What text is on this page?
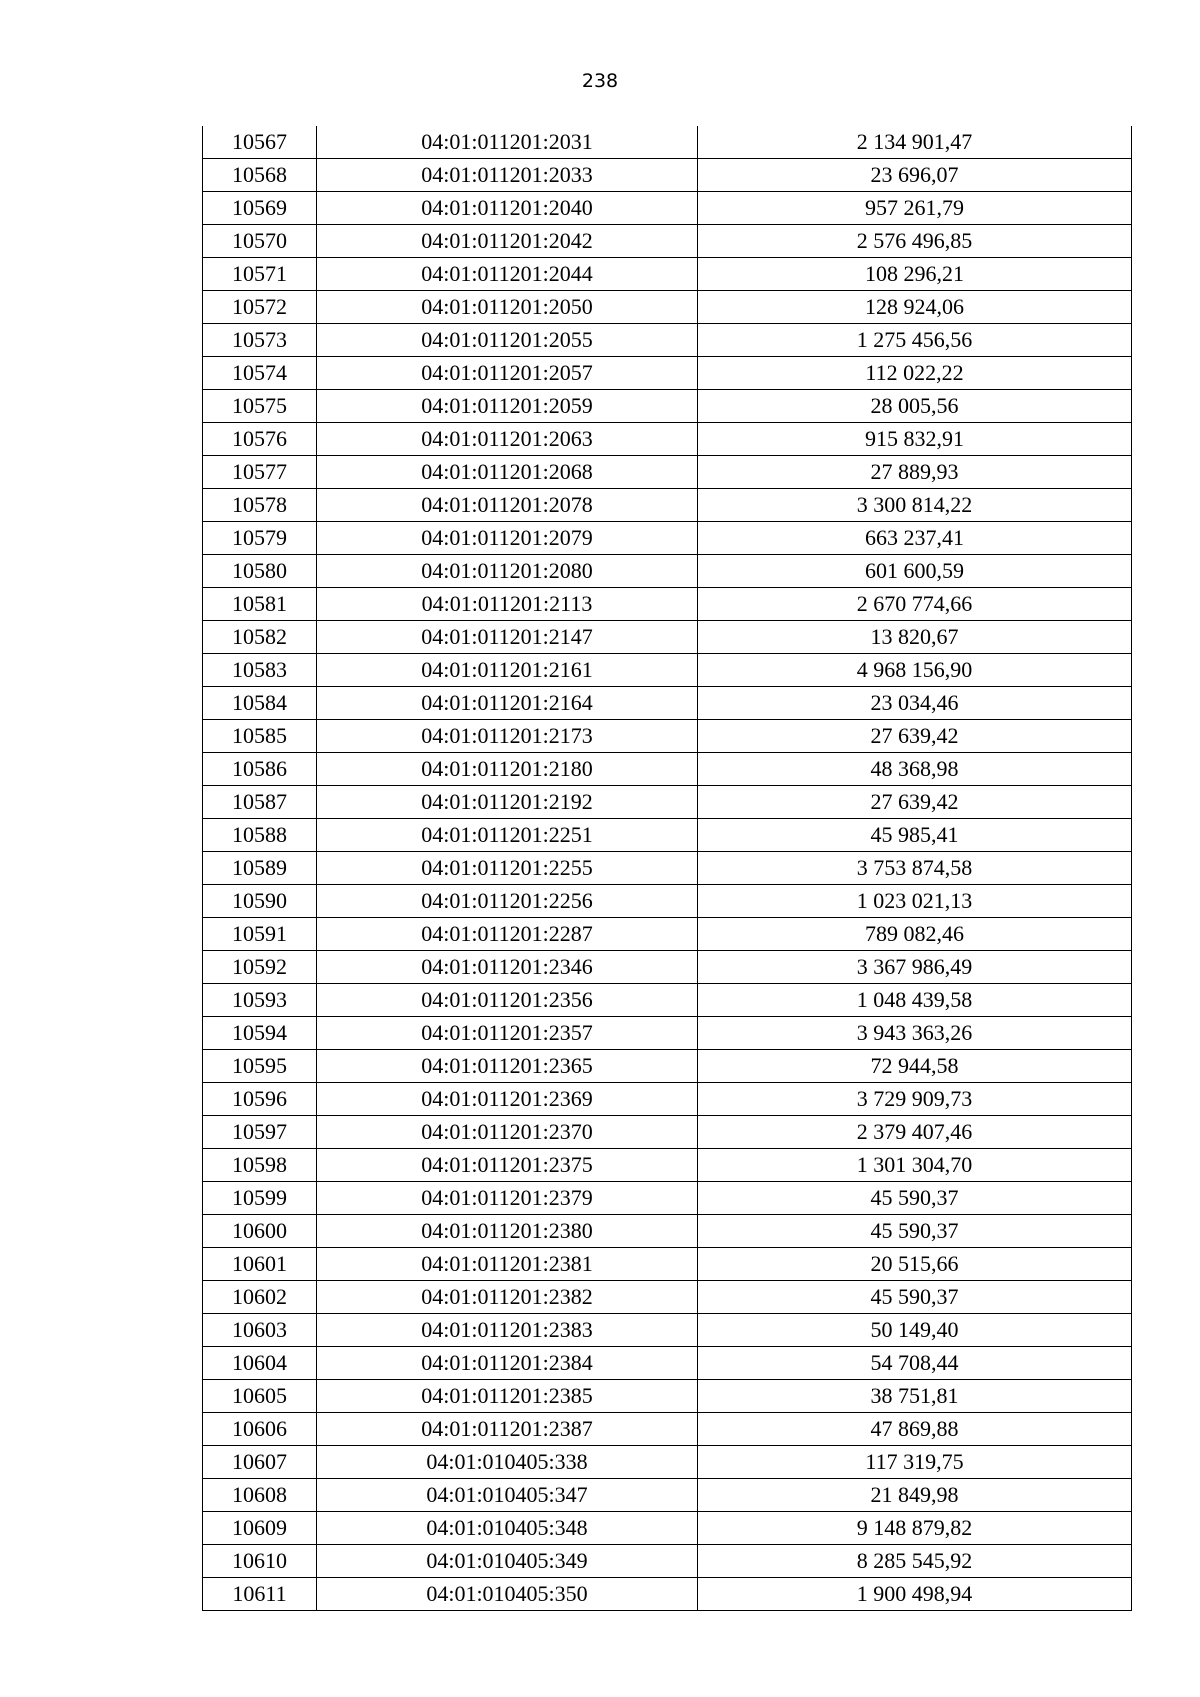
238
10567	04:01:011201:2031	2 134 901,47
10568	04:01:011201:2033	23 696,07
10569	04:01:011201:2040	957 261,79
10570	04:01:011201:2042	2 576 496,85
10571	04:01:011201:2044	108 296,21
10572	04:01:011201:2050	128 924,06
10573	04:01:011201:2055	1 275 456,56
10574	04:01:011201:2057	112 022,22
10575	04:01:011201:2059	28 005,56
10576	04:01:011201:2063	915 832,91
10577	04:01:011201:2068	27 889,93
10578	04:01:011201:2078	3 300 814,22
10579	04:01:011201:2079	663 237,41
10580	04:01:011201:2080	601 600,59
10581	04:01:011201:2113	2 670 774,66
10582	04:01:011201:2147	13 820,67
10583	04:01:011201:2161	4 968 156,90
10584	04:01:011201:2164	23 034,46
10585	04:01:011201:2173	27 639,42
10586	04:01:011201:2180	48 368,98
10587	04:01:011201:2192	27 639,42
10588	04:01:011201:2251	45 985,41
10589	04:01:011201:2255	3 753 874,58
10590	04:01:011201:2256	1 023 021,13
10591	04:01:011201:2287	789 082,46
10592	04:01:011201:2346	3 367 986,49
10593	04:01:011201:2356	1 048 439,58
10594	04:01:011201:2357	3 943 363,26
10595	04:01:011201:2365	72 944,58
10596	04:01:011201:2369	3 729 909,73
10597	04:01:011201:2370	2 379 407,46
10598	04:01:011201:2375	1 301 304,70
10599	04:01:011201:2379	45 590,37
10600	04:01:011201:2380	45 590,37
10601	04:01:011201:2381	20 515,66
10602	04:01:011201:2382	45 590,37
10603	04:01:011201:2383	50 149,40
10604	04:01:011201:2384	54 708,44
10605	04:01:011201:2385	38 751,81
10606	04:01:011201:2387	47 869,88
10607	04:01:010405:338	117 319,75
10608	04:01:010405:347	21 849,98
10609	04:01:010405:348	9 148 879,82
10610	04:01:010405:349	8 285 545,92
10611	04:01:010405:350	1 900 498,94
